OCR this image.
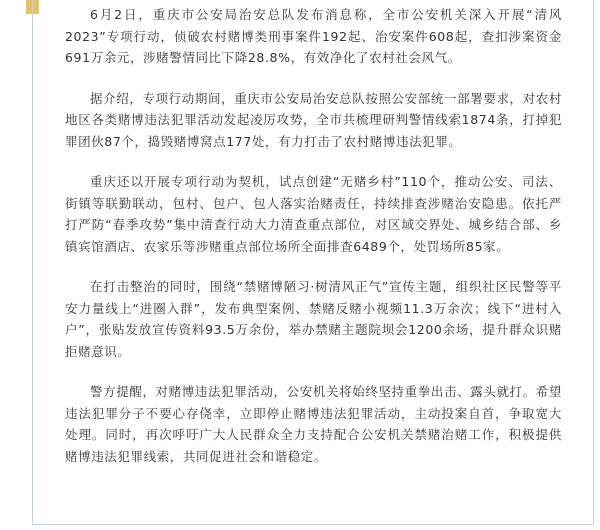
6月2日，重庆市公安局治安总队发布消息称，全市公安机关深入开展“清风2023”专项行动，侦破农村赌博类刑事案件192起、治安案件608起，查扣涉案资金691万余元，涉赌警情同比下降28.8%，有效净化了农村社会风气。

据介绍，专项行动期间，重庆市公安局治安总队按照公安部统一部署要求，对农村地区各类赌博违法犯罪活动发起凌厉攻势，全市共梳理研判警情线索1874条，打掉犯罪团伙87个，捣毁赌博窝点177处，有力打击了农村赌博违法犯罪。

重庆还以开展专项行动为契机，试点创建“无赌乡村”110个，推动公安、司法、街镇等联勤联动，包村、包户、包人落实治赌责任，持续排查涉赌治安隐患。依托严打严防“春季攻势”集中清查行动大力清查重点部位，对区域交界处、城乡结合部、乡镇宾馆酒店、农家乐等涉赌重点部位场所全面排查6489个，处罚场所85家。

在打击整治的同时，围绕“禁赌博陋习·树清风正气”宣传主题，组织社区民警等平安力量线上“进圈入群”，发布典型案例、禁赌反赌小视频11.3万余次；线下“进村入户”，张贴发放宣传资料93.5万余份，举办禁赌主题院坝会1200余场，提升群众识赌拒赌意识。

警方提醒，对赌博违法犯罪活动，公安机关将始终坚持重拳出击、露头就打。希望违法犯罪分子不要心存侥幸，立即停止赌博违法犯罪活动，主动投案自首，争取宽大处理。同时，再次呼吁广大人民群众全力支持配合公安机关禁赌治赌工作，积极提供赌博违法犯罪线索，共同促进社会和谐稳定。
